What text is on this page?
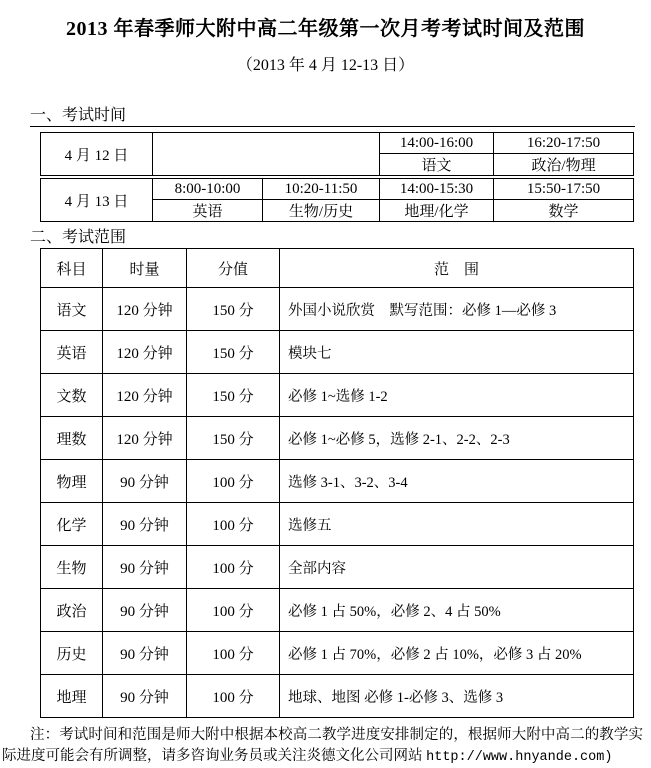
2013 年春季师大附中高二年级第一次月考考试时间及范围
（2013 年 4 月 12-13 日）
一、考试时间
4 月 12 日			14:00-16:00	16:20-17:50
			语文	政治/物理
4 月 13 日	8:00-10:00	10:20-11:50	14:00-15:30	15:50-17:50
	英语	生物/历史	地理/化学	数学
二、考试范围
科目	时量	分值	范　围
语文	120 分钟	150 分	外国小说欣赏　默写范围：必修 1—必修 3
英语	120 分钟	150 分	模块七
文数	120 分钟	150 分	必修 1~选修 1-2
理数	120 分钟	150 分	必修 1~必修 5，选修 2-1、2-2、2-3
物理	90 分钟	100 分	选修 3-1、3-2、3-4
化学	90 分钟	100 分	选修五
生物	90 分钟	100 分	全部内容
政治	90 分钟	100 分	必修 1 占 50%，必修 2、4 占 50%
历史	90 分钟	100 分	必修 1 占 70%，必修 2 占 10%，必修 3 占 20%
地理	90 分钟	100 分	地球、地图 必修 1-必修 3、选修 3
注：考试时间和范围是师大附中根据本校高二教学进度安排制定的，根据师大附中高二的教学实际进度可能会有所调整，请多咨询业务员或关注炎德文化公司网站 http://www.hnyande.com)
